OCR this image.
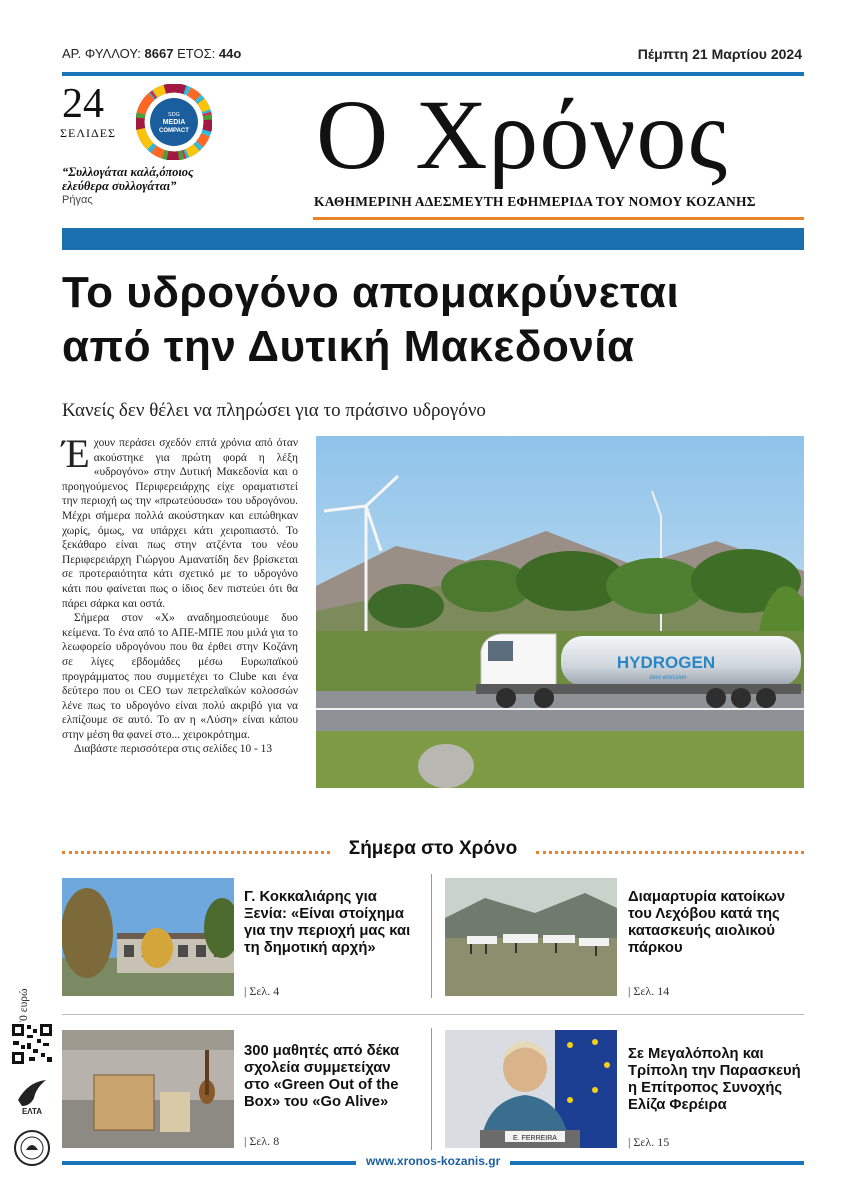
ΑΡ. ΦΥΛΛΟΥ: 8667 ΕΤΟΣ: 44ο	Πέμπτη 21 Μαρτίου 2024
24
ΣΕΛΙΔΕΣ
SDG
MEDIA
COMPACT
“Συλλογάται καλά,όποιος ελεύθερα συλλογάται”
Ρήγας
Ο Χρόνος
ΚΑΘΗΜΕΡΙΝΗ ΑΔΕΣΜΕΥΤΗ ΕΦΗΜΕΡΙΔΑ ΤΟΥ ΝΟΜΟΥ ΚΟΖΑΝΗΣ
Το υδρογόνο απομακρύνεται
από την Δυτική Μακεδονία
Κανείς δεν θέλει να πληρώσει για το πράσινο υδρογόνο

Έχουν περάσει σχεδόν επτά χρόνια από όταν ακούστηκε για πρώτη φορά η λέξη «υδρογόνο» στην Δυτική Μακεδονία και ο προηγούμενος Περιφερειάρχης είχε οραματιστεί την περιοχή ως την «πρωτεύουσα» του υδρογόνου. Μέχρι σήμερα πολλά ακούστηκαν και ειπώθηκαν χωρίς, όμως, να υπάρχει κάτι χειροπιαστό. Το ξεκάθαρο είναι πως στην ατζέντα του νέου Περιφερειάρχη Γιώργου Αμανατίδη δεν βρίσκεται σε προτεραιότητα κάτι σχετικό με το υδρογόνο κάτι που φαίνεται πως ο ίδιος δεν πιστεύει ότι θα πάρει σάρκα και οστά.

Σήμερα στον «Χ» αναδημοσιεύουμε δυο κείμενα. Το ένα από το ΑΠΕ-ΜΠΕ που μιλά για το λεωφορείο υδρογόνου που θα έρθει στην Κοζάνη σε λίγες εβδομάδες μέσω Ευρωπαϊκού προγράμματος που συμμετέχει το Clube και ένα δεύτερο που οι CEO των πετρελαϊκών κολοσσών λένε πως το υδρογόνο είναι πολύ ακριβό για να ελπίζουμε σε αυτό. Το αν η «Λύση» είναι κάπου στην μέση θα φανεί στο... χειροκρότημα.

Διαβάστε περισσότερα στις σελίδες 10 - 13

HYDROGEN
zero emission
Σήμερα στο Χρόνο
Γ. Κοκκαλιάρης για Ξενία: «Είναι στοίχημα για την περιοχή μας και τη δημοτική αρχή»
| Σελ. 4
Διαμαρτυρία κατοίκων του Λεχόβου κατά της κατασκευής αιολικού πάρκου
| Σελ. 14
300 μαθητές από δέκα σχολεία συμμετείχαν στο «Green Out of the Box» του «Go Alive»
| Σελ. 8	E. FERREIRA
Σε Μεγαλόπολη και Τρίπολη την Παρασκευή η Επίτροπος Συνοχής Ελίζα Φερέιρα
| Σελ. 15
ευρώ
ΕΛΤΑ
www.xronos-kozanis.gr
